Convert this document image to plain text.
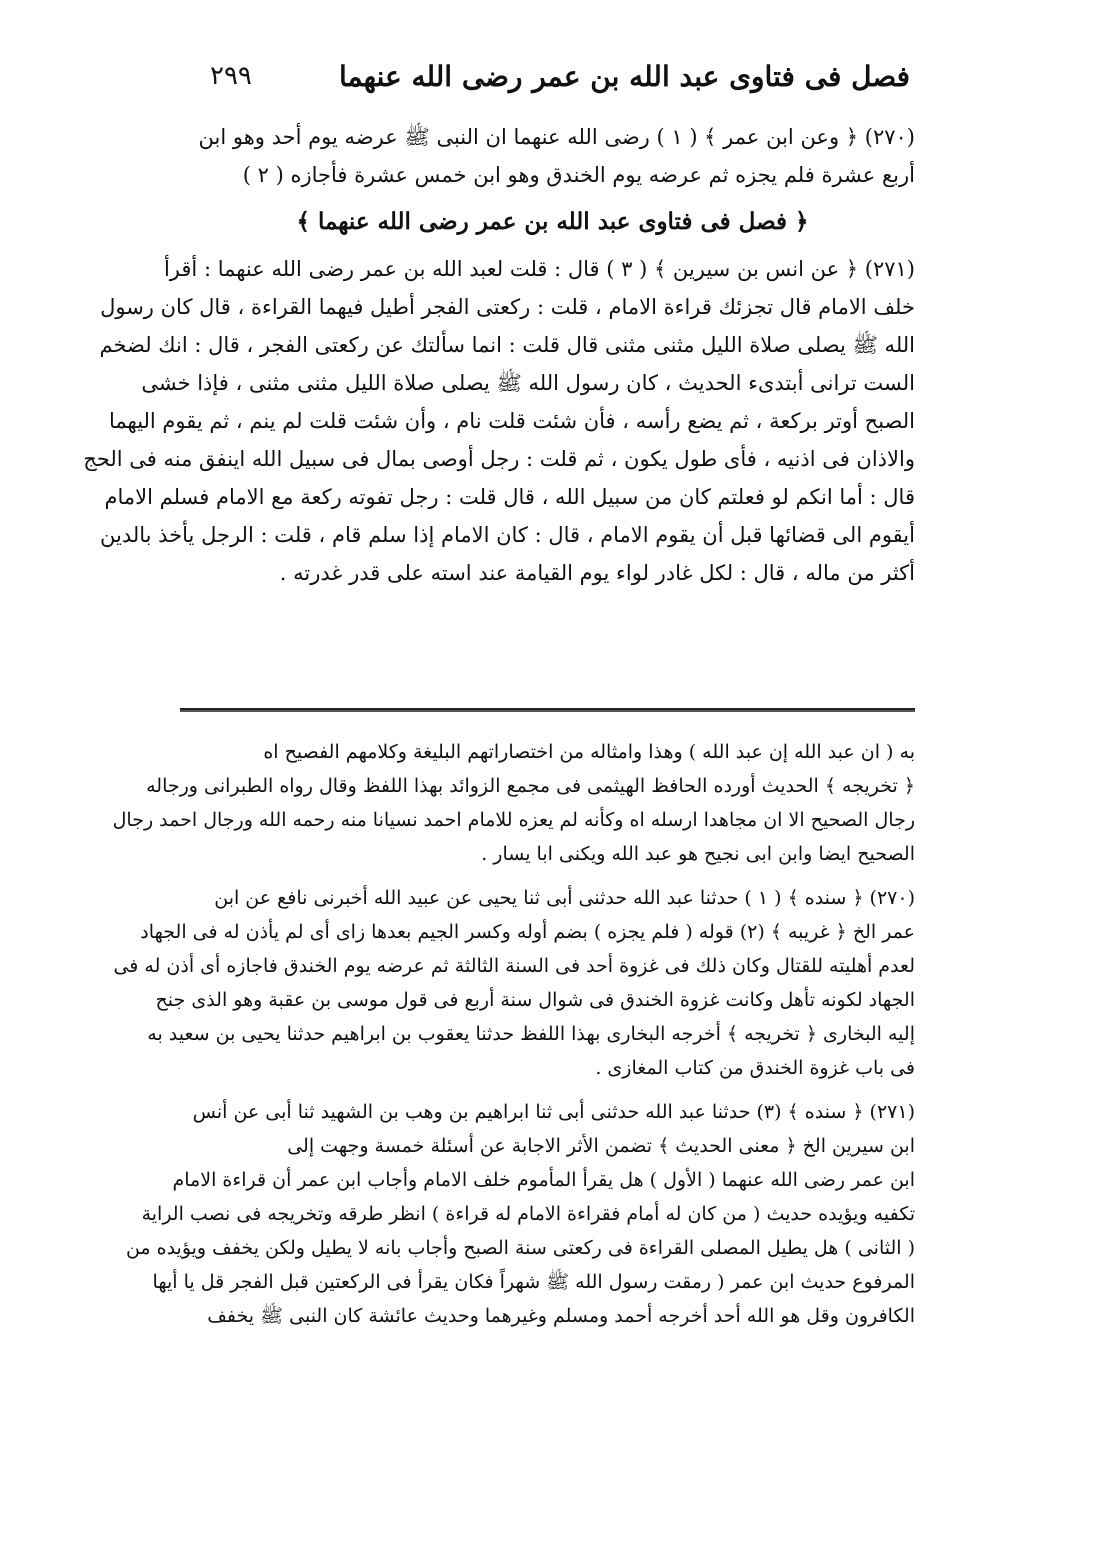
٢٩٩	فصل فى فتاوى عبد الله بن عمر رضى الله عنهما
(٢٧٠) ﴿ وعن ابن عمر ﴾ ( ١ ) رضى الله عنهما ان النبى ﷺ عرضه يوم أحد وهو ابن
أربع عشرة فلم يجزه ثم عرضه يوم الخندق وهو ابن خمس عشرة فأجازه ( ٢ )
﴿ فصل فى فتاوى عبد الله بن عمر رضى الله عنهما ﴾
(٢٧١) ﴿ عن انس بن سيرين ﴾ ( ٣ ) قال : قلت لعبد الله بن عمر رضى الله عنهما : أقرأ
خلف الامام قال تجزئك قراءة الامام ، قلت : ركعتى الفجر أطيل فيهما القراءة ، قال كان رسول
الله ﷺ يصلى صلاة الليل مثنى مثنى قال قلت : انما سألتك عن ركعتى الفجر ، قال : انك لضخم
الست ترانى أبتدىء الحديث ، كان رسول الله ﷺ يصلى صلاة الليل مثنى مثنى ، فإذا خشى
الصبح أوتر بركعة ، ثم يضع رأسه ، فأن شئت قلت نام ، وأن شئت قلت لم ينم ، ثم يقوم اليهما
والاذان فى اذنيه ، فأى طول يكون ، ثم قلت : رجل أوصى بمال فى سبيل الله اينفق منه فى الحج
قال : أما انكم لو فعلتم كان من سبيل الله ، قال قلت : رجل تفوته ركعة مع الامام فسلم الامام
أيقوم الى قضائها قبل أن يقوم الامام ، قال : كان الامام إذا سلم قام ، قلت : الرجل يأخذ بالدين
أكثر من ماله ، قال : لكل غادر لواء يوم القيامة عند استه على قدر غدرته .
به ( ان عبد الله إن عبد الله ) وهذا وامثاله من اختصاراتهم البليغة وكلامهم الفصيح اه
﴿ تخريجه ﴾ الحديث أورده الحافظ الهيثمى فى مجمع الزوائد بهذا اللفظ وقال رواه الطبرانى ورجاله
رجال الصحيح الا ان مجاهدا ارسله اه وكأنه لم يعزه للامام احمد نسيانا منه رحمه الله ورجال احمد رجال
الصحيح ايضا وابن ابى نجيح هو عبد الله ويكنى ابا يسار .
(٢٧٠) ﴿ سنده ﴾ ( ١ ) حدثنا عبد الله حدثنى أبى ثنا يحيى عن عبيد الله أخبرنى نافع عن ابن
عمر الخ ﴿ غريبه ﴾ (٢) قوله ( فلم يجزه ) بضم أوله وكسر الجيم بعدها زاى أى لم يأذن له فى الجهاد
لعدم أهليته للقتال وكان ذلك فى غزوة أحد فى السنة الثالثة ثم عرضه يوم الخندق فاجازه أى أذن له فى
الجهاد لكونه تأهل وكانت غزوة الخندق فى شوال سنة أربع فى قول موسى بن عقبة وهو الذى جنح
إليه البخارى ﴿ تخريجه ﴾ أخرجه البخارى بهذا اللفظ حدثنا يعقوب بن ابراهيم حدثنا يحيى بن سعيد به
فى باب غزوة الخندق من كتاب المغازى .
(٢٧١) ﴿ سنده ﴾ (٣) حدثنا عبد الله حدثنى أبى ثنا ابراهيم بن وهب بن الشهيد ثنا أبى عن أنس
ابن سيرين الخ ﴿ معنى الحديث ﴾ تضمن الأثر الاجابة عن أسئلة خمسة وجهت إلى
ابن عمر رضى الله عنهما ( الأول ) هل يقرأ المأموم خلف الامام وأجاب ابن عمر أن قراءة الامام
تكفيه ويؤيده حديث ( من كان له أمام فقراءة الامام له قراءة ) انظر طرقه وتخريجه فى نصب الراية
( الثانى ) هل يطيل المصلى القراءة فى ركعتى سنة الصبح وأجاب بانه لا يطيل ولكن يخفف ويؤيده من
المرفوع حديث ابن عمر ( رمقت رسول الله ﷺ شهراً فكان يقرأ فى الركعتين قبل الفجر قل يا أيها
الكافرون وقل هو الله أحد أخرجه أحمد ومسلم وغيرهما وحديث عائشة كان النبى ﷺ يخفف
